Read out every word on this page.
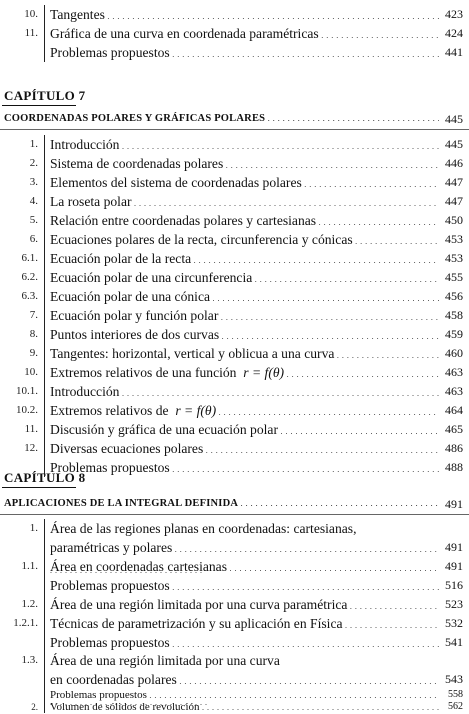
10. Tangentes . . .	423
11. Gráfica de una curva en coordenada paramétricas . . .	424
Problemas propuestos . . .	441
CAPÍTULO 7
COORDENADAS POLARES Y GRÁFICAS POLARES . . .	445
1. Introducción . . .	445
2. Sistema de coordenadas polares . . .	446
3. Elementos del sistema de coordenadas polares . . .	447
4. La roseta polar . . .	447
5. Relación entre coordenadas polares y cartesianas . . .	450
6. Ecuaciones polares de la recta, circunferencia y cónicas . . .	453
6.1. Ecuación polar de la recta . . .	453
6.2. Ecuación polar de una circunferencia . . .	455
6.3. Ecuación polar de una cónica . . .	456
7. Ecuación polar y función polar . . .	458
8. Puntos interiores de dos curvas . . .	459
9. Tangentes: horizontal, vertical y oblicua a una curva . . .	460
10. Extremos relativos de una función r = f(θ) . . .	463
10.1. Introducción . . .	463
10.2. Extremos relativos de r = f(θ) . . .	464
11. Discusión y gráfica de una ecuación polar . . .	465
12. Diversas ecuaciones polares . . .	486
Problemas propuestos . . .	488
CAPÍTULO 8
APLICACIONES DE LA INTEGRAL DEFINIDA . . .	491
1. Área de las regiones planas en coordenadas: cartesianas,
paramétricas y polares . . .	491
1.1. Área en coordenadas cartesianas . . .	491
Problemas propuestos . . .	516
1.2. Área de una región limitada por una curva paramétrica . . .	523
1.2.1. Técnicas de parametrización y su aplicación en Física . . .	532
Problemas propuestos . . .	541
1.3. Área de una región limitada por una curva
en coordenadas polares . . .	543
Problemas propuestos . . .	558
2. Volumen de sólidos de revolución . . .	562
